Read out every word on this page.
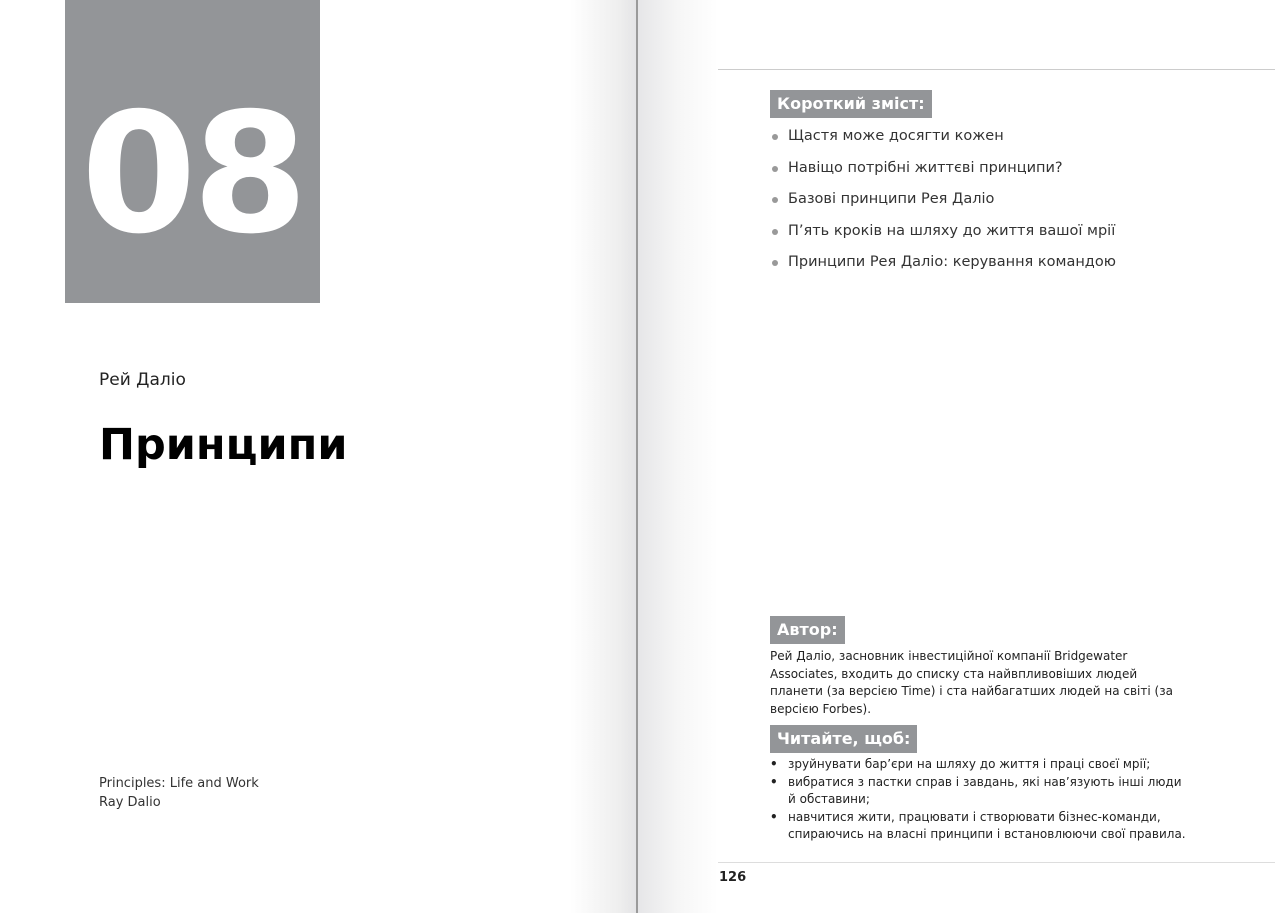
08
Рей Даліо
Принципи
Principles: Life and Work
Ray Dalio
Короткий зміст:
Щастя може досягти кожен
Навіщо потрібні життєві принципи?
Базові принципи Рея Даліо
П’ять кроків на шляху до життя вашої мрії
Принципи Рея Даліо: керування командою
Автор:
Рей Даліо, засновник інвестиційної компанії Bridgewater Associates, входить до списку ста найвпливовіших людей планети (за версією Time) і ста найбагатших людей на світі (за версією Forbes).
Читайте, щоб:
• зруйнувати бар’єри на шляху до життя і праці своєї мрії;
• вибратися з пастки справ і завдань, які нав’язують інші люди й обставини;
• навчитися жити, працювати і створювати бізнес-команди, спираючись на власні принципи і встановлюючи свої правила.
126
